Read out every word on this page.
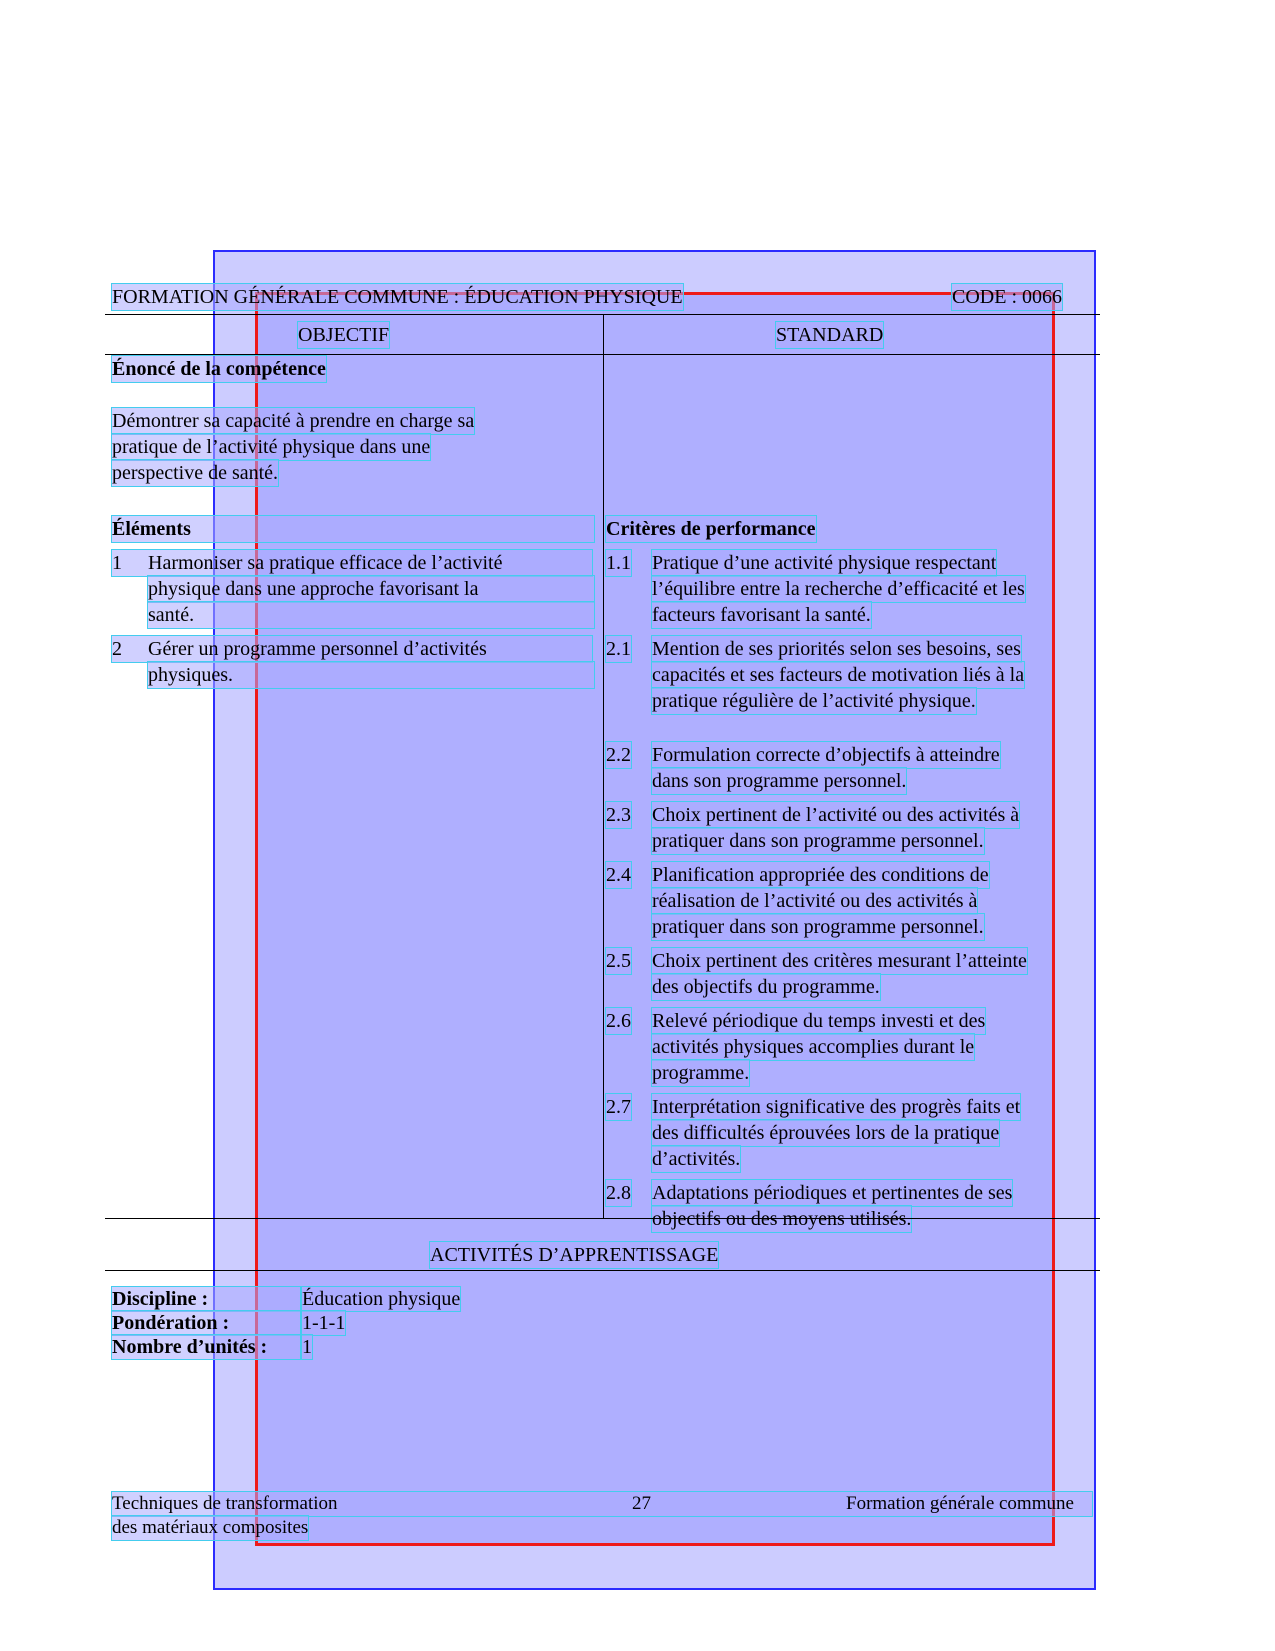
FORMATION GÉNÉRALE COMMUNE : ÉDUCATION PHYSIQUE	CODE : 0066
OBJECTIF	STANDARD
Énoncé de la compétence
Démontrer sa capacité à prendre en charge sa
pratique de l’activité physique dans une
perspective de santé.
Éléments
1	Harmoniser sa pratique efficace de l’activité
physique dans une approche favorisant la
santé.
2	Gérer un programme personnel d’activités
physiques.
Critères de performance
1.1 Pratique d’une activité physique respectant
l’équilibre entre la recherche d’efficacité et les
facteurs favorisant la santé.
2.1 Mention de ses priorités selon ses besoins, ses
capacités et ses facteurs de motivation liés à la
pratique régulière de l’activité physique.
2.2 Formulation correcte d’objectifs à atteindre
dans son programme personnel.
2.3 Choix pertinent de l’activité ou des activités à
pratiquer dans son programme personnel.
2.4 Planification appropriée des conditions de
réalisation de l’activité ou des activités à
pratiquer dans son programme personnel.
2.5 Choix pertinent des critères mesurant l’atteinte
des objectifs du programme.
2.6 Relevé périodique du temps investi et des
activités physiques accomplies durant le
programme.
2.7 Interprétation significative des progrès faits et
des difficultés éprouvées lors de la pratique
d’activités.
2.8 Adaptations périodiques et pertinentes de ses
objectifs ou des moyens utilisés.
ACTIVITÉS D’APPRENTISSAGE
Discipline :	Éducation physique
Pondération :	1-1-1
Nombre d’unités :	1
Techniques de transformation
des matériaux composites
27	Formation générale commune
